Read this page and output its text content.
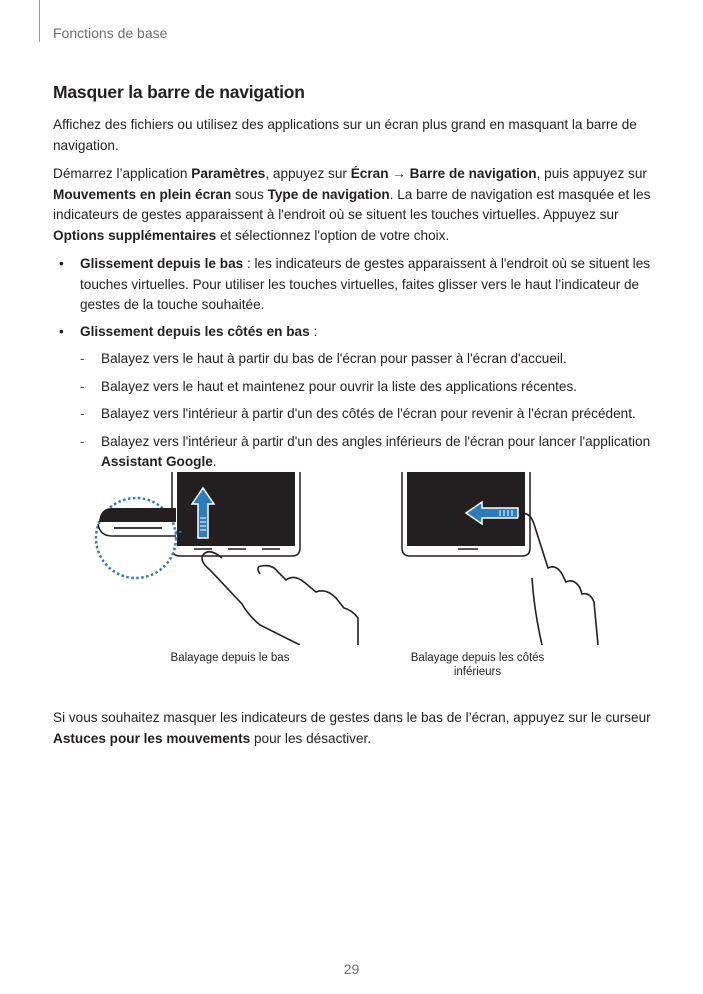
Fonctions de base
Masquer la barre de navigation

Affichez des fichiers ou utilisez des applications sur un écran plus grand en masquant la barre de navigation.

Démarrez l’application Paramètres, appuyez sur Écran → Barre de navigation, puis appuyez sur Mouvements en plein écran sous Type de navigation. La barre de navigation est masquée et les indicateurs de gestes apparaissent à l'endroit où se situent les touches virtuelles. Appuyez sur Options supplémentaires et sélectionnez l'option de votre choix.

• Glissement depuis le bas : les indicateurs de gestes apparaissent à l'endroit où se situent les touches virtuelles. Pour utiliser les touches virtuelles, faites glisser vers le haut l’indicateur de gestes de la touche souhaitée.
• Glissement depuis les côtés en bas :
- Balayez vers le haut à partir du bas de l'écran pour passer à l'écran d'accueil.
- Balayez vers le haut et maintenez pour ouvrir la liste des applications récentes.
- Balayez vers l'intérieur à partir d'un des côtés de l'écran pour revenir à l'écran précédent.
- Balayez vers l'intérieur à partir d'un des angles inférieurs de l'écran pour lancer l'application Assistant Google.
Balayage depuis le bas	Balayage depuis les côtés
inférieurs

Si vous souhaitez masquer les indicateurs de gestes dans le bas de l’écran, appuyez sur le curseur Astuces pour les mouvements pour les désactiver.

29
